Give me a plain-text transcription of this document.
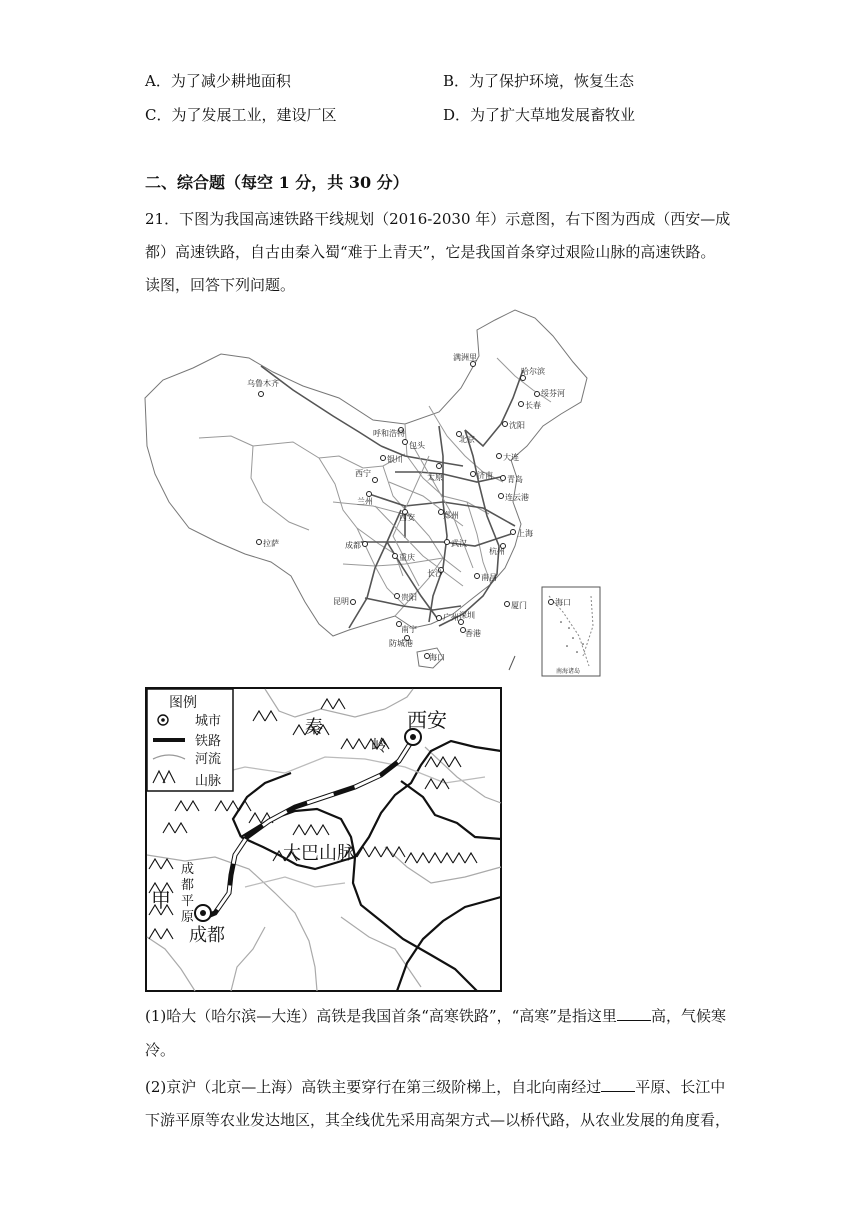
A．为了减少耕地面积	B．为了保护环境，恢复生态
C．为了发展工业，建设厂区	D．为了扩大草地发展畜牧业
二、综合题（每空 1 分，共 30 分）
21．下图为我国高速铁路干线规划（2016-2030 年）示意图，右下图为西成（西安—成
都）高速铁路，自古由秦入蜀“难于上青天”，它是我国首条穿过艰险山脉的高速铁路。
读图，回答下列问题。
乌鲁木齐
满洲里
哈尔滨
绥芬河
长春
沈阳
呼和浩特
北京
包头
大连
银川
太原	济南 青岛
西宁
兰州	连云港
西安	郑州
上海
拉萨	成都	武汉
杭州
重庆
长沙	南昌
昆明	贵阳
广州 深圳
厦门
南宁	香港
防城港
海口
海口
南海诸岛
西安
秦
岭
大巴山脉
成都
成
都
平
原
甲
图例
城市
铁路
河流
山脉
(1)哈大（哈尔滨—大连）高铁是我国首条“高寒铁路”，“高寒”是指这里 高，气候寒
冷。
(2)京沪（北京—上海）高铁主要穿行在第三级阶梯上，自北向南经过 平原、长江中
下游平原等农业发达地区，其全线优先采用高架方式—以桥代路，从农业发展的角度看，
